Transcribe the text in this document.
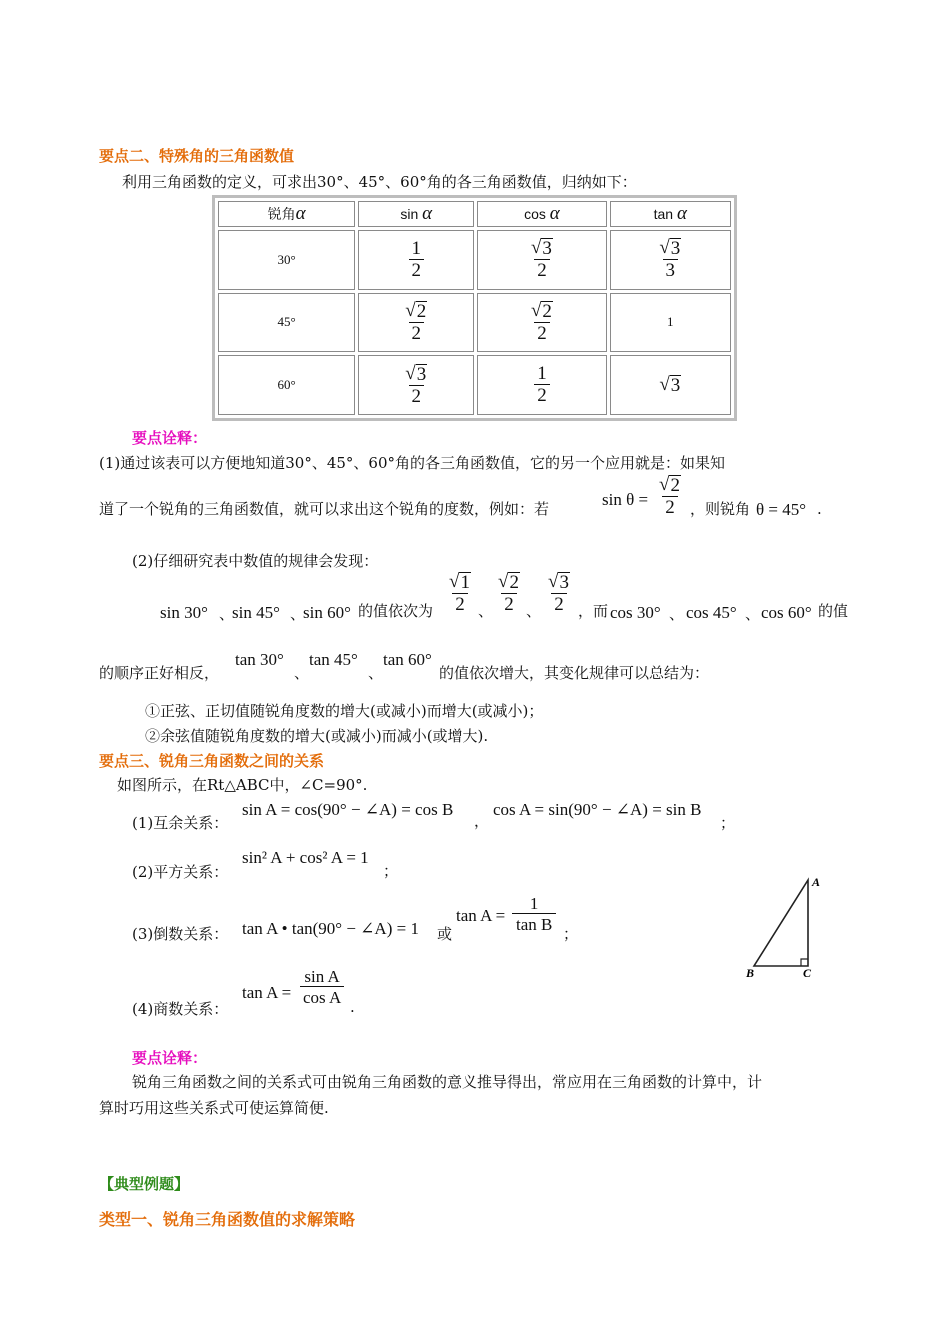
要点二、特殊角的三角函数值
利用三角函数的定义，可求出30°、45°、60°角的各三角函数值，归纳如下：
锐角α	sin α	cos α	tan α
30°	$\frac{1}{2}$	$\frac{√ 3}{2}$	$\frac{√ 3}{3}$

45°	$\frac{√ 2}{2}$	$\frac{√ 2}{2}$	1
60°	$\frac{√ 3}{2}$	$\frac{1}{2}$	√ 3
要点诠释：
(1)通过该表可以方便地知道30°、45°、60°角的各三角函数值，它的另一个应用就是：如果知
道了一个锐角的三角函数值，就可以求出这个锐角的度数，例如：若	$\sin \theta = \frac{√ 2}{2}$ ，则锐角 θ = 45° .
(2)仔细研究表中数值的规律会发现：
sin 30° 、
sin 45° 、
sin 60° 的值依次为 $\frac{√ 1}{2}$ 、 $\frac{√ 2}{2}$ 、 $\frac{√ 3}{2}$ ，而 cos 30° 、 cos 45° 、 cos 60° 的值
的顺序正好相反，
tan 30°
、
tan 45°
、
tan 60°
的值依次增大，其变化规律可以总结为：
①正弦、正切值随锐角度数的增大(或减小)而增大(或减小)；
②余弦值随锐角度数的增大(或减小)而减小(或增大).
要点三、锐角三角函数之间的关系
如图所示，在Rt△ABC中，∠C=90°.
(1)互余关系：
sin A = cos(90° − ∠A) = cos B
，
cos A = sin(90° − ∠A) = sin B
；
(2)平方关系：
sin² A + cos² A = 1
；
(3)倒数关系： tan A • tan(90° − ∠A) = 1 或
$\tan A = \frac{1}{\text{tan B}}$
；
(4)商数关系：
$\tan A = \frac{\text{sin A}}{\text{cos A}}$
.
A
B	C
要点诠释：
锐角三角函数之间的关系式可由锐角三角函数的意义推导得出，常应用在三角函数的计算中，计
算时巧用这些关系式可使运算简便.
【典型例题】
类型一、锐角三角函数值的求解策略
